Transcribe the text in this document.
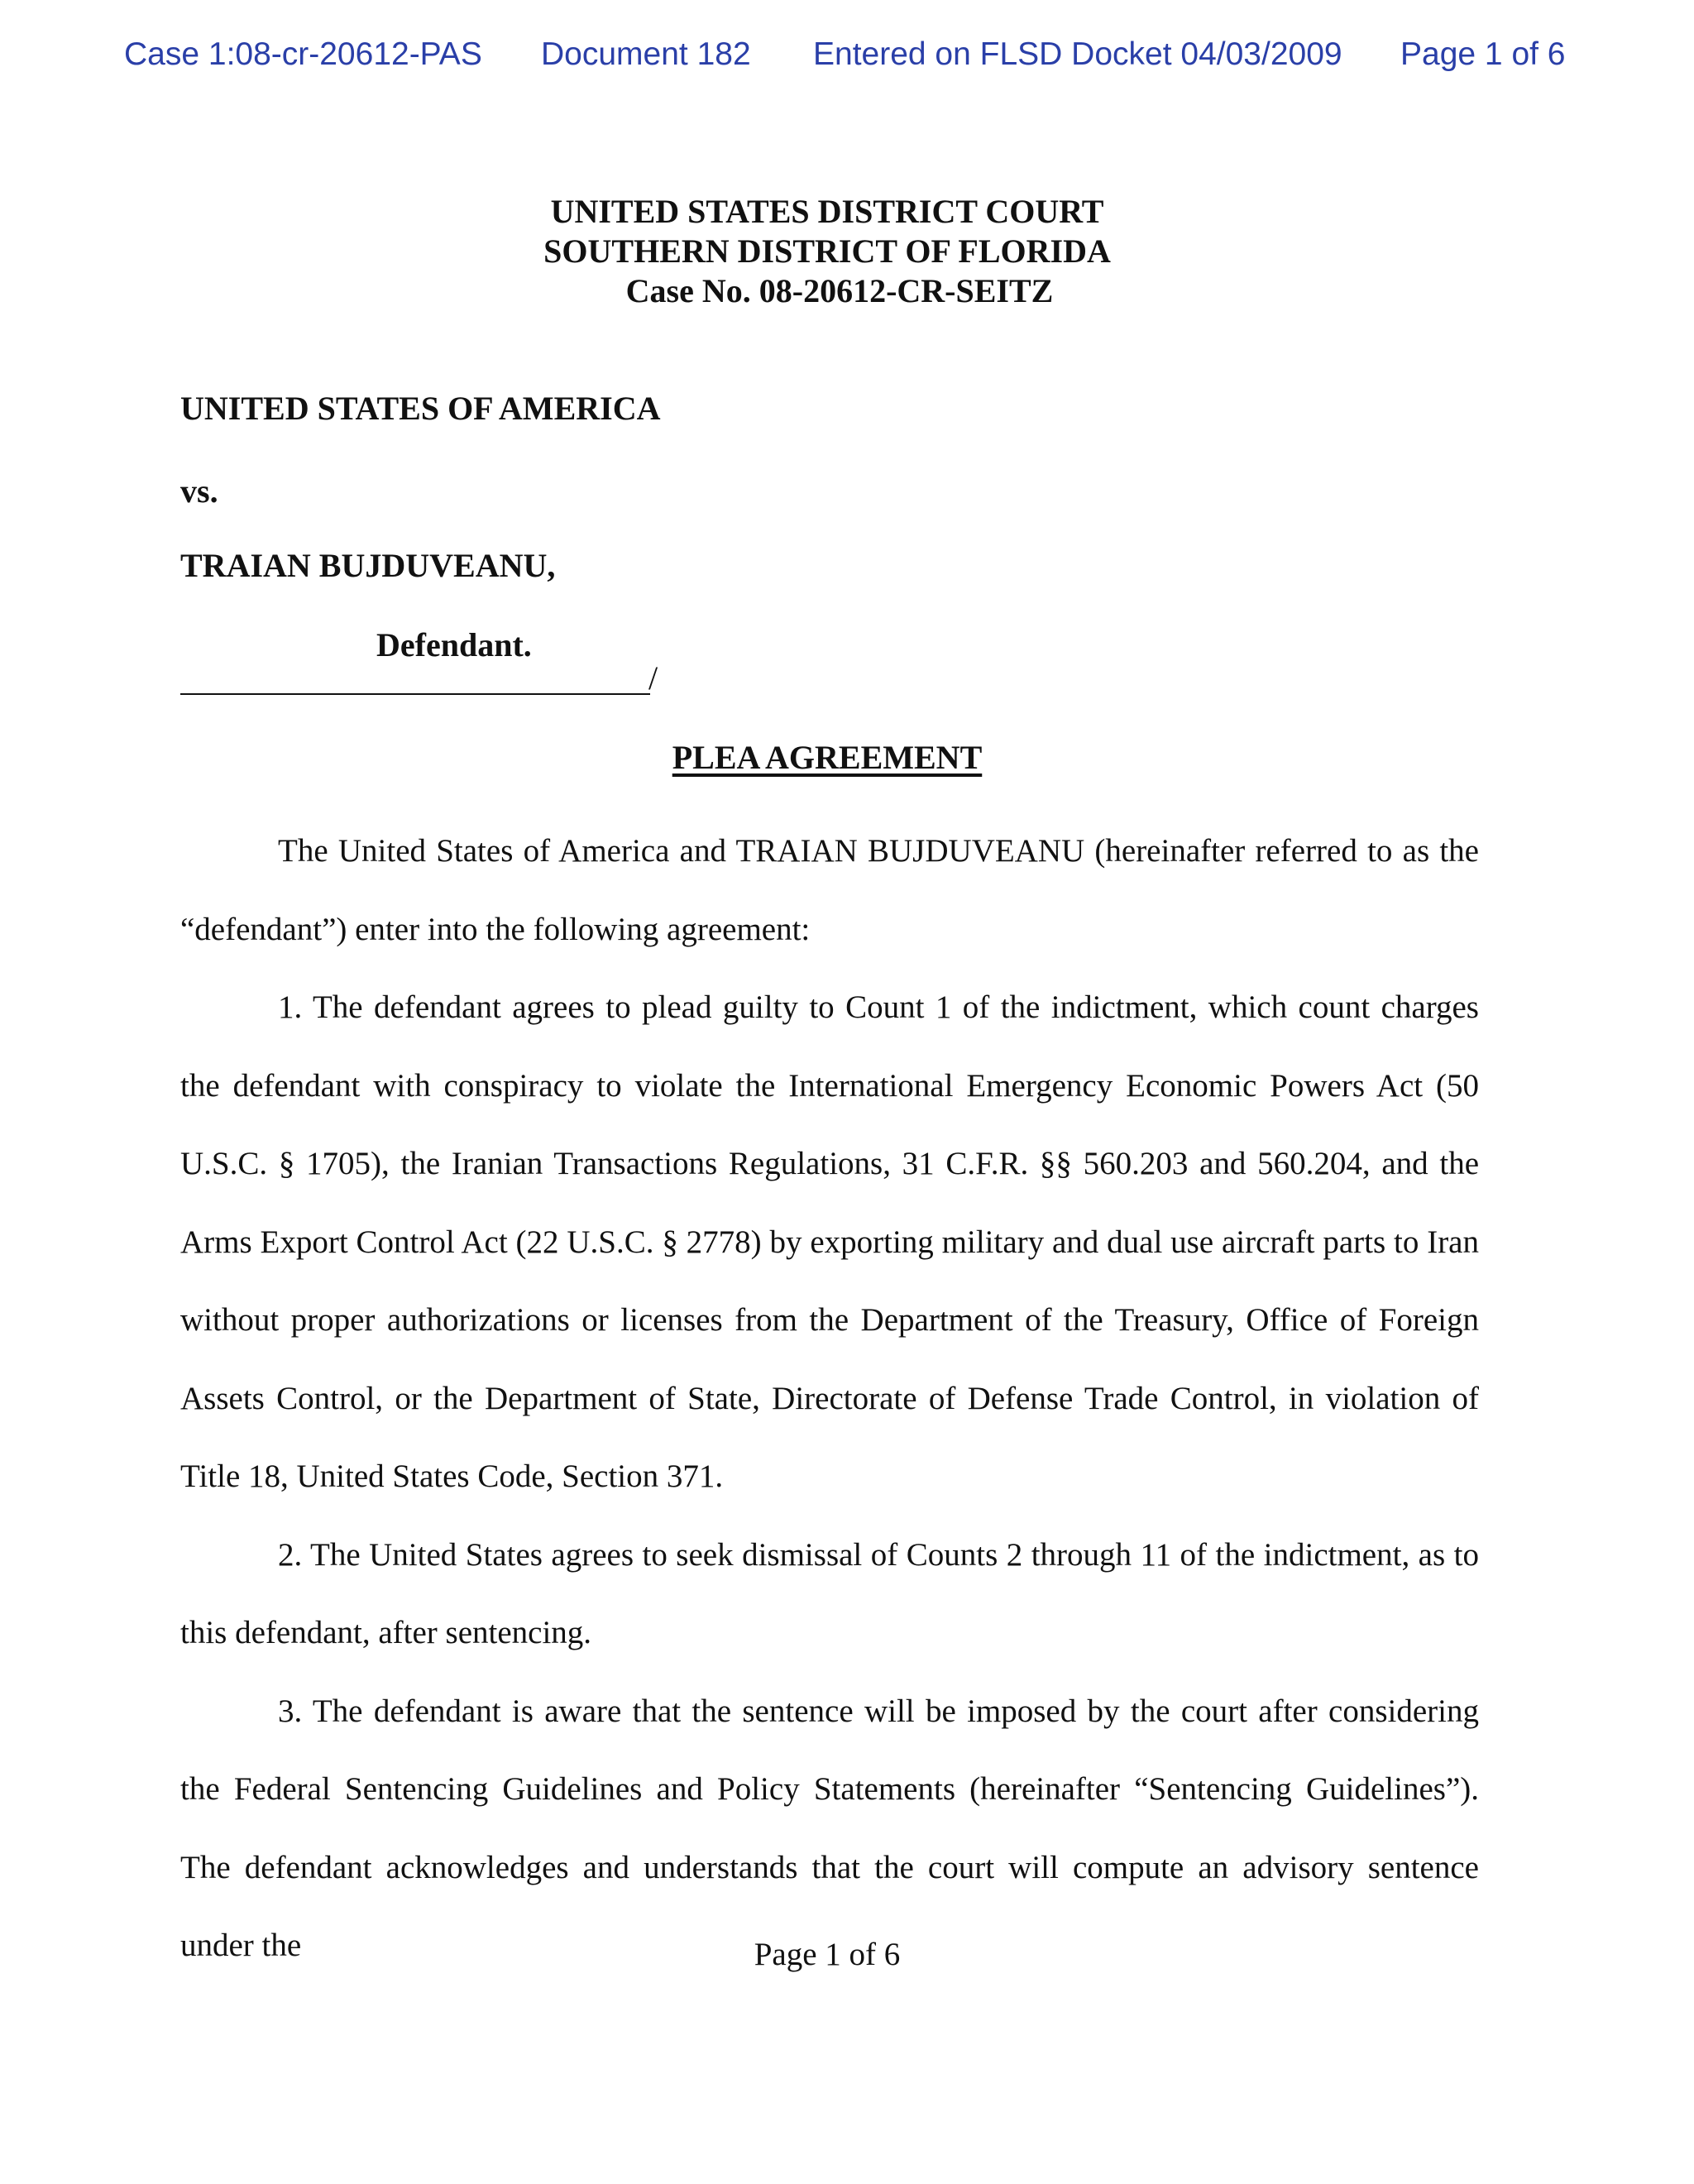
Case 1:08-cr-20612-PAS Document 182 Entered on FLSD Docket 04/03/2009 Page 1 of 6
UNITED STATES DISTRICT COURT
SOUTHERN DISTRICT OF FLORIDA
Case No. 08-20612-CR-SEITZ
UNITED STATES OF AMERICA
vs.
TRAIAN BUJDUVEANU,
Defendant.
/
PLEA AGREEMENT

The United States of America and TRAIAN BUJDUVEANU (hereinafter referred to as the “defendant”) enter into the following agreement:

1. The defendant agrees to plead guilty to Count 1 of the indictment, which count charges the defendant with conspiracy to violate the International Emergency Economic Powers Act (50 U.S.C. § 1705), the Iranian Transactions Regulations, 31 C.F.R. §§ 560.203 and 560.204, and the Arms Export Control Act (22 U.S.C. § 2778) by exporting military and dual use aircraft parts to Iran without proper authorizations or licenses from the Department of the Treasury, Office of Foreign Assets Control, or the Department of State, Directorate of Defense Trade Control, in violation of Title 18, United States Code, Section 371.

2. The United States agrees to seek dismissal of Counts 2 through 11 of the indictment, as to this defendant, after sentencing.

3. The defendant is aware that the sentence will be imposed by the court after considering the Federal Sentencing Guidelines and Policy Statements (hereinafter “Sentencing Guidelines”). The defendant acknowledges and understands that the court will compute an advisory sentence under the	Page 1 of 6
